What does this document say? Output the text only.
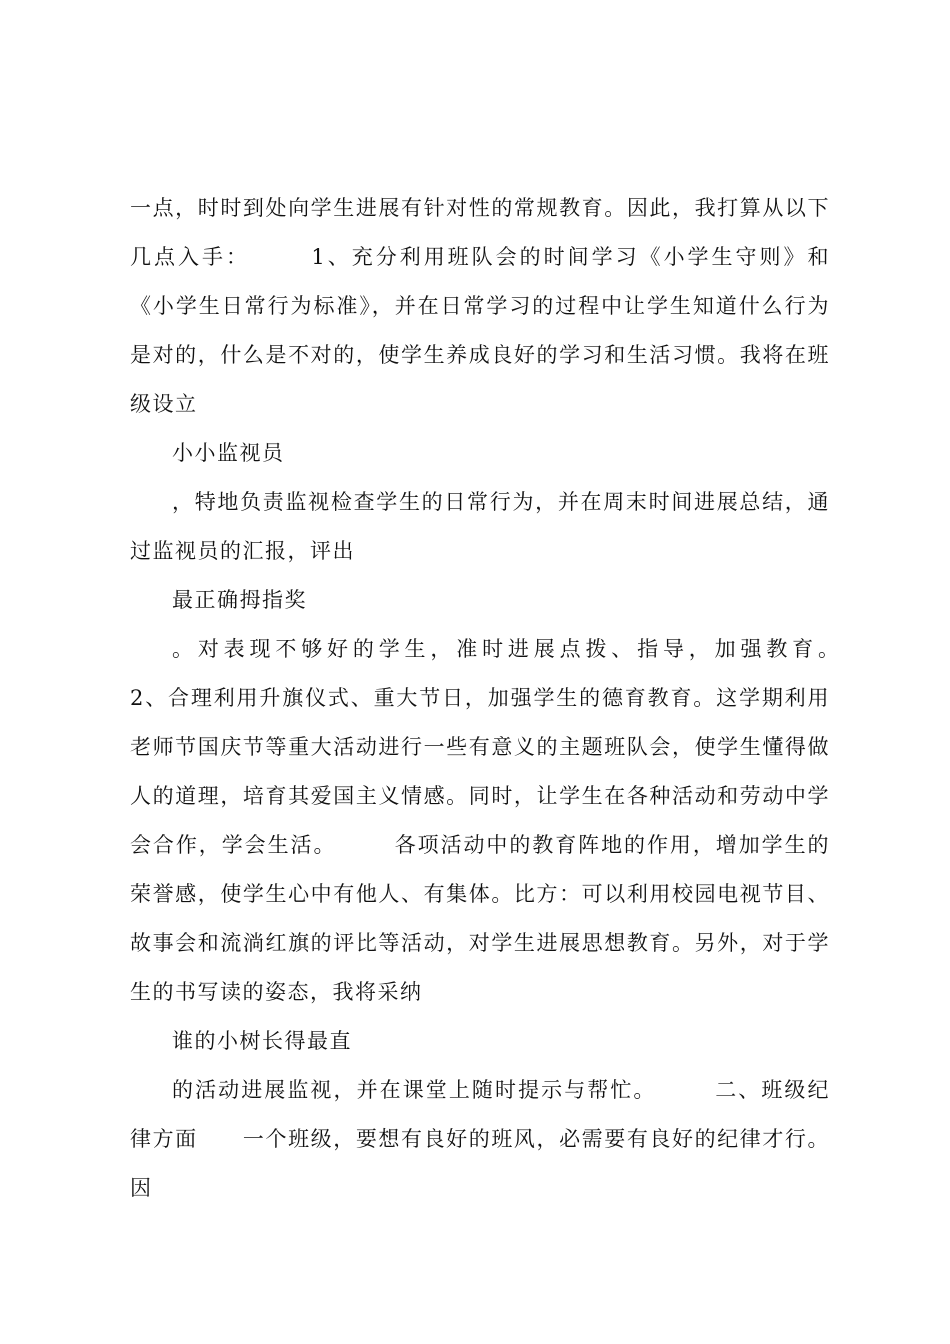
一点，时时到处向学生进展有针对性的常规教育。因此，我打算从以下几点入手：　　　1、充分利用班队会的时间学习《小学生守则》和《小学生日常行为标准》，并在日常学习的过程中让学生知道什么行为是对的，什么是不对的，使学生养成良好的学习和生活习惯。我将在班级设立

小小监视员

，特地负责监视检查学生的日常行为，并在周末时间进展总结，通过监视员的汇报，评出

最正确拇指奖

。对表现不够好的学生，准时进展点拨、指导，加强教育。　　　2、合理利用升旗仪式、重大节日，加强学生的德育教育。这学期利用老师节国庆节等重大活动进行一些有意义的主题班队会，使学生懂得做人的道理，培育其爱国主义情感。同时，让学生在各种活动和劳动中学会合作，学会生活。　　　各项活动中的教育阵地的作用，增加学生的荣誉感，使学生心中有他人、有集体。比方：可以利用校园电视节目、故事会和流淌红旗的评比等活动，对学生进展思想教育。另外，对于学生的书写读的姿态，我将采纳

谁的小树长得最直

的活动进展监视，并在课堂上随时提示与帮忙。　　　二、班级纪律方面　　一个班级，要想有良好的班风，必需要有良好的纪律才行。因
